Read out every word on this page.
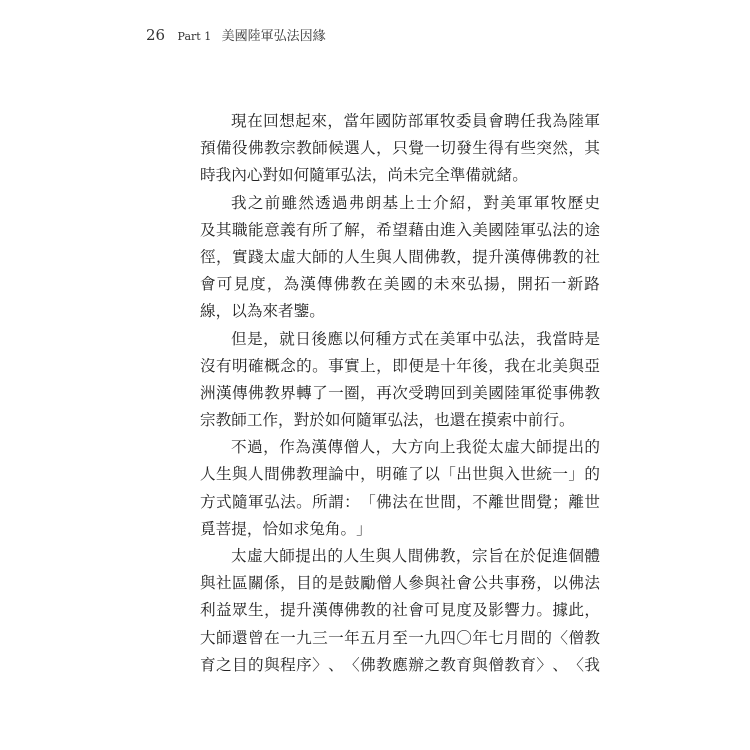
26 Part 1 美國陸軍弘法因緣
現 在 回 想 起 來 ， 當 年 國 防 部 軍 牧 委 員 會 聘 任 我 為 陸 軍
預 備 役 佛 教 宗 教 師 候 選 人 ， 只 覺 一 切 發 生 得 有 些 突 然 ， 其
時 我 內 心 對 如 何 隨 軍 弘 法 ， 尚 未 完 全 準 備 就 緒 。
我 之 前 雖 然 透 過 弗 朗 基 上 士 介 紹 ， 對 美 軍 軍 牧 歷 史
及 其 職 能 意 義 有 所 了 解 ， 希 望 藉 由 進 入 美 國 陸 軍 弘 法 的 途
徑 ， 實 踐 太 虛 大 師 的 人 生 與 人 間 佛 教 ， 提 升 漢 傳 佛 教 的 社
會 可 見 度 ， 為 漢 傳 佛 教 在 美 國 的 未 來 弘 揚 ， 開 拓 一 新 路
線 ， 以 為 來 者 鑒 。
但 是 ， 就 日 後 應 以 何 種 方 式 在 美 軍 中 弘 法 ， 我 當 時 是
沒 有 明 確 概 念 的 。 事 實 上 ， 即 便 是 十 年 後 ， 我 在 北 美 與 亞
洲 漢 傳 佛 教 界 轉 了 一 圈 ， 再 次 受 聘 回 到 美 國 陸 軍 從 事 佛 教
宗 教 師 工 作 ， 對 於 如 何 隨 軍 弘 法 ， 也 還 在 摸 索 中 前 行 。
不 過 ， 作 為 漢 傳 僧 人 ， 大 方 向 上 我 從 太 虛 大 師 提 出 的
人 生 與 人 間 佛 教 理 論 中 ， 明 確 了 以 「 出 世 與 入 世 統 一 」 的
方 式 隨 軍 弘 法 。 所 謂 ： 「 佛 法 在 世 間 ， 不 離 世 間 覺 ； 離 世
覓 菩 提 ， 恰 如 求 兔 角 。 」
太 虛 大 師 提 出 的 人 生 與 人 間 佛 教 ， 宗 旨 在 於 促 進 個 體
與 社 區 關 係 ， 目 的 是 鼓 勵 僧 人 參 與 社 會 公 共 事 務 ， 以 佛 法
利 益 眾 生 ， 提 升 漢 傳 佛 教 的 社 會 可 見 度 及 影 響 力 。 據 此 ，
大 師 還 曾 在 一 九 三 一 年 五 月 至 一 九 四 〇 年 七 月 間 的 〈 僧 教
育 之 目 的 與 程 序 〉 、 〈 佛 教 應 辦 之 教 育 與 僧 教 育 〉 、 〈 我
